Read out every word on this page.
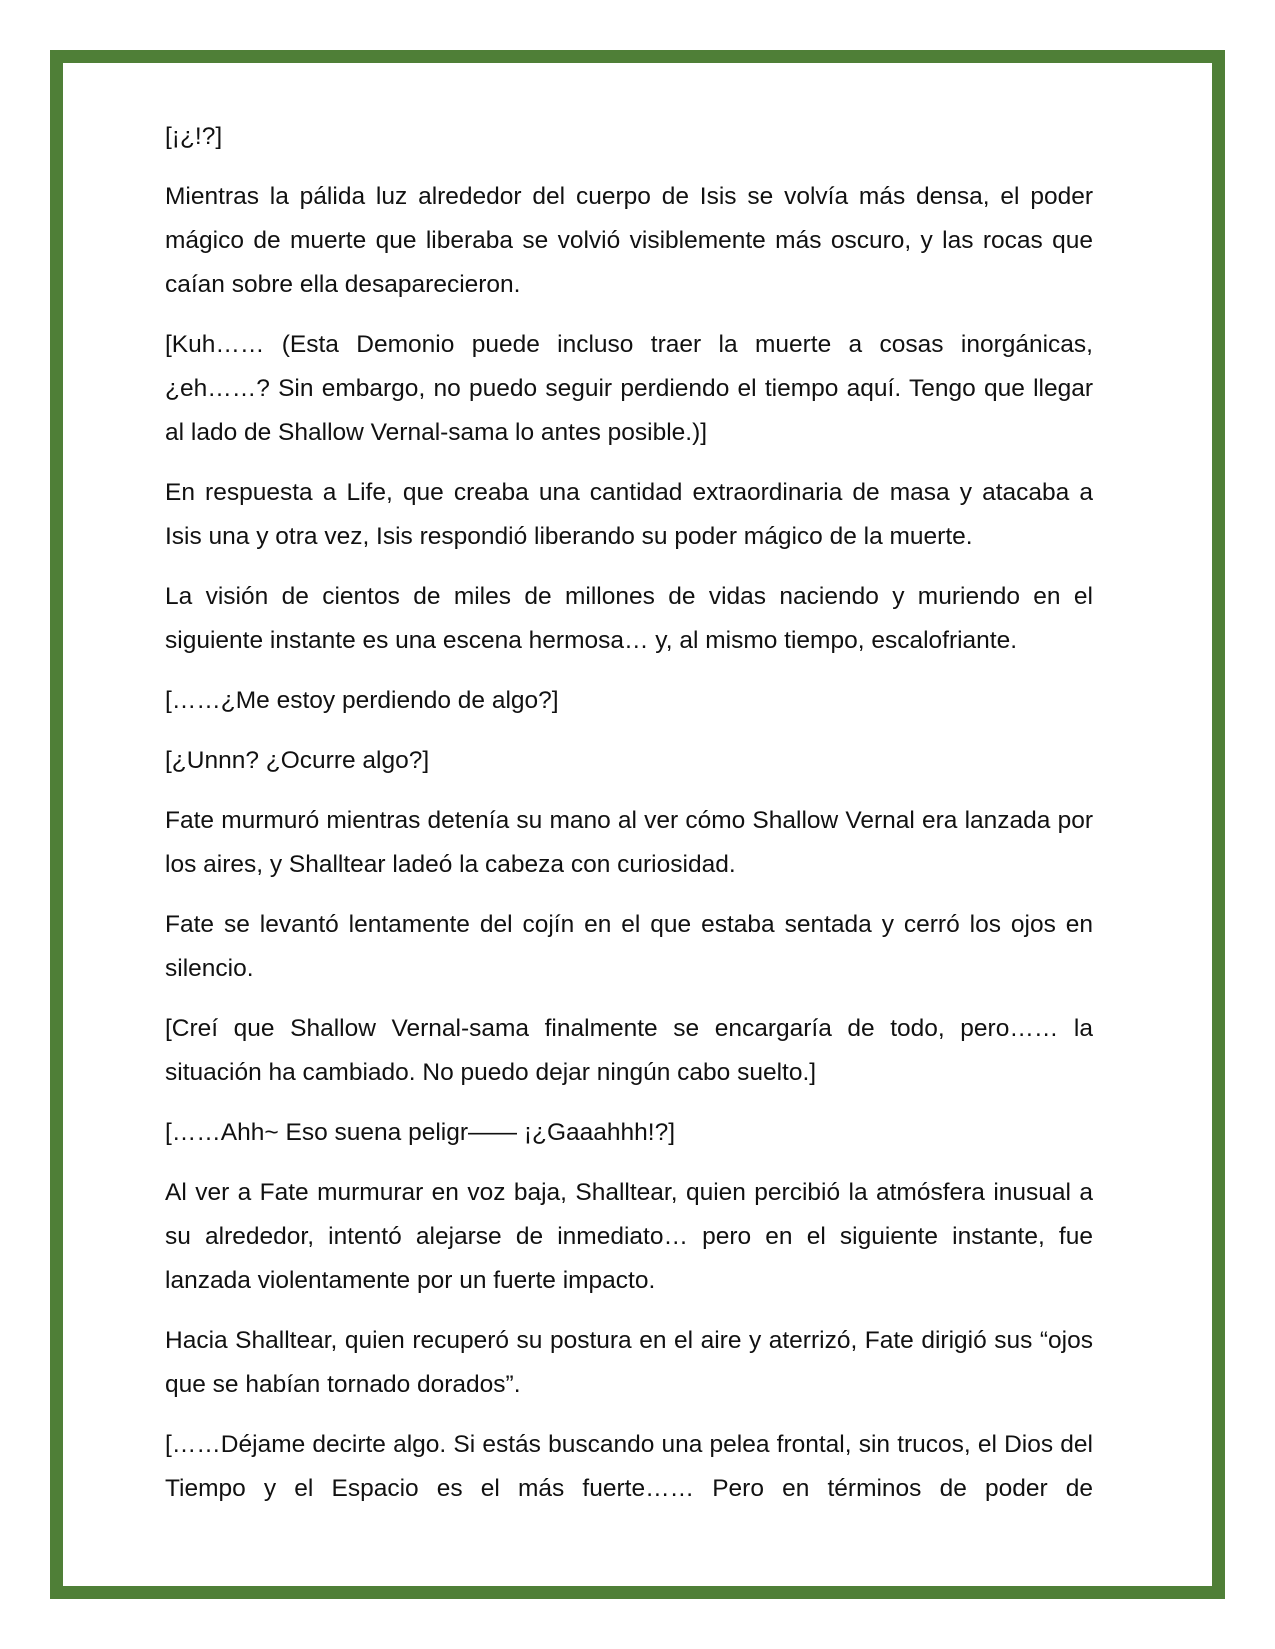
[¡¿!?]

Mientras la pálida luz alrededor del cuerpo de Isis se volvía más densa, el poder mágico de muerte que liberaba se volvió visiblemente más oscuro, y las rocas que caían sobre ella desaparecieron.

[Kuh…… (Esta Demonio puede incluso traer la muerte a cosas inorgánicas, ¿eh……? Sin embargo, no puedo seguir perdiendo el tiempo aquí. Tengo que llegar al lado de Shallow Vernal-sama lo antes posible.)]

En respuesta a Life, que creaba una cantidad extraordinaria de masa y atacaba a Isis una y otra vez, Isis respondió liberando su poder mágico de la muerte.

La visión de cientos de miles de millones de vidas naciendo y muriendo en el siguiente instante es una escena hermosa… y, al mismo tiempo, escalofriante.

[……¿Me estoy perdiendo de algo?]

[¿Unnn? ¿Ocurre algo?]

Fate murmuró mientras detenía su mano al ver cómo Shallow Vernal era lanzada por los aires, y Shalltear ladeó la cabeza con curiosidad.

Fate se levantó lentamente del cojín en el que estaba sentada y cerró los ojos en silencio.

[Creí que Shallow Vernal-sama finalmente se encargaría de todo, pero…… la situación ha cambiado. No puedo dejar ningún cabo suelto.]

[……Ahh~ Eso suena peligr—— ¡¿Gaaahhh!?]

Al ver a Fate murmurar en voz baja, Shalltear, quien percibió la atmósfera inusual a su alrededor, intentó alejarse de inmediato… pero en el siguiente instante, fue lanzada violentamente por un fuerte impacto.

Hacia Shalltear, quien recuperó su postura en el aire y aterrizó, Fate dirigió sus “ojos que se habían tornado dorados”.

[……Déjame decirte algo. Si estás buscando una pelea frontal, sin trucos, el Dios del Tiempo y el Espacio es el más fuerte…… Pero en términos de poder de
